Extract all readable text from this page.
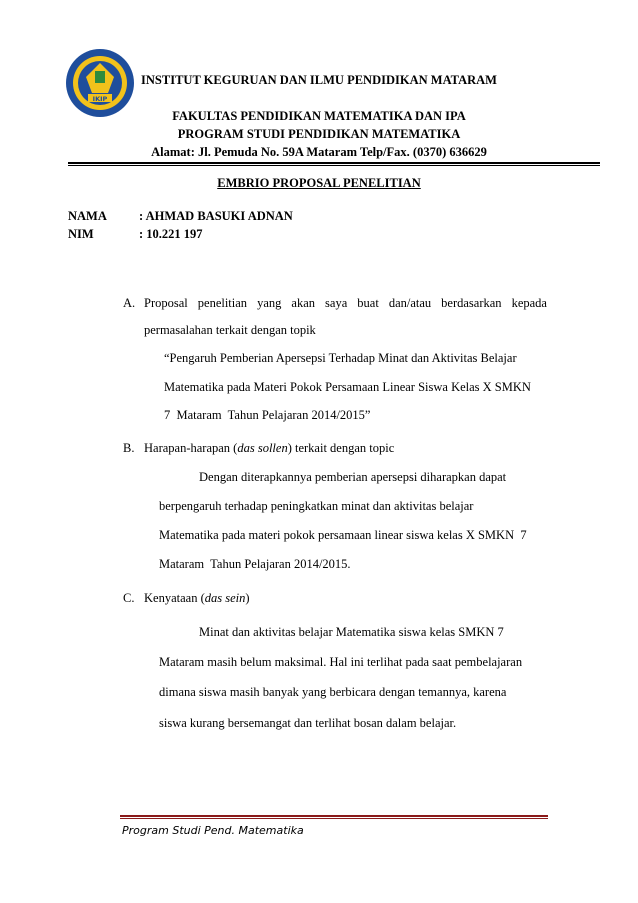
IKIP
INSTITUT KEGURUAN DAN ILMU PENDIDIKAN MATARAM
FAKULTAS PENDIDIKAN MATEMATIKA DAN IPA
PROGRAM STUDI PENDIDIKAN MATEMATIKA
Alamat: Jl. Pemuda No. 59A Mataram Telp/Fax. (0370) 636629
EMBRIO PROPOSAL PENELITIAN
NAMA	: AHMAD BASUKI ADNAN
NIM	: 10.221 197
A. Proposal penelitian yang akan saya buat dan/atau berdasarkan kepada
permasalahan terkait dengan topik
“Pengaruh Pemberian Apersepsi Terhadap Minat dan Aktivitas Belajar
Matematika pada Materi Pokok Persamaan Linear Siswa Kelas X SMKN
7  Mataram  Tahun Pelajaran 2014/2015”
B. Harapan-harapan (das sollen) terkait dengan topic
Dengan diterapkannya pemberian apersepsi diharapkan dapat
berpengaruh terhadap peningkatkan minat dan aktivitas belajar
Matematika pada materi pokok persamaan linear siswa kelas X SMKN  7
Mataram  Tahun Pelajaran 2014/2015.
C. Kenyataan (das sein)
Minat dan aktivitas belajar Matematika siswa kelas SMKN 7
Mataram masih belum maksimal. Hal ini terlihat pada saat pembelajaran
dimana siswa masih banyak yang berbicara dengan temannya, karena
siswa kurang bersemangat dan terlihat bosan dalam belajar.
Program Studi Pend. Matematika
